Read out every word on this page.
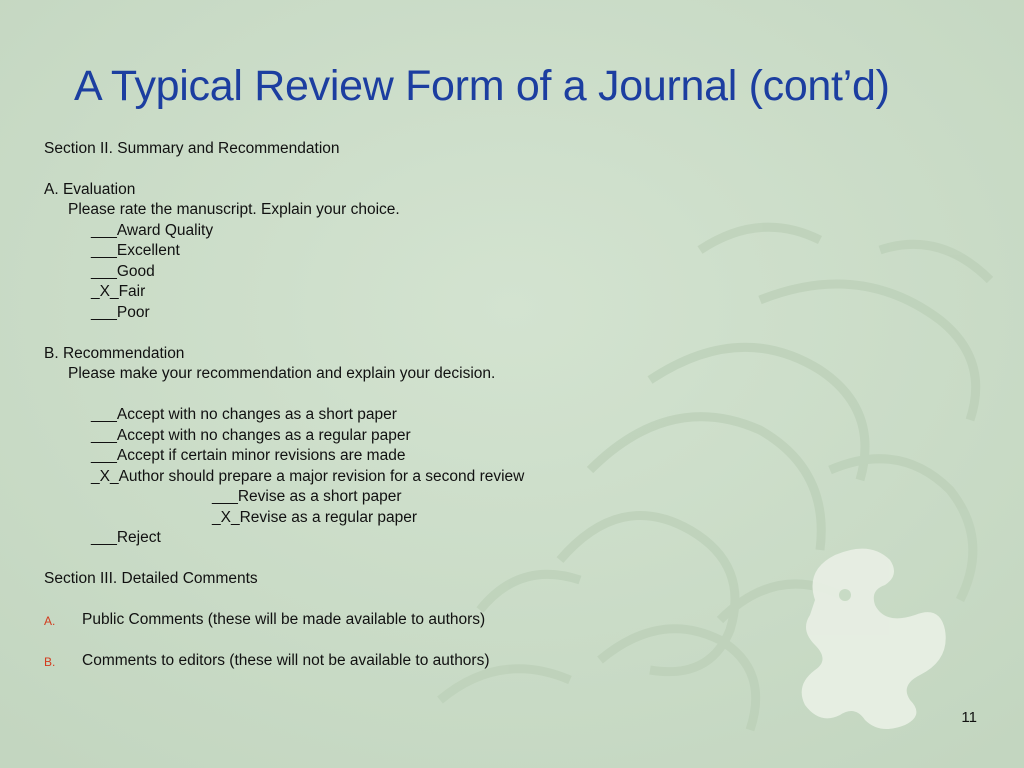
A Typical Review Form of a Journal (cont’d)
Section II. Summary and Recommendation
A. Evaluation
Please rate the manuscript. Explain your choice.
___Award Quality
___Excellent
___Good
_X_Fair
___Poor
B. Recommendation
Please make your recommendation and explain your decision.
___Accept with no changes as a short paper
___Accept with no changes as a regular paper
___Accept if certain minor revisions are made
_X_Author should prepare a major revision for a second review
___Revise as a short paper
_X_Revise as a regular paper
___Reject
Section III. Detailed Comments
A. Public Comments (these will be made available to authors)
B. Comments to editors (these will not be available to authors)
11
